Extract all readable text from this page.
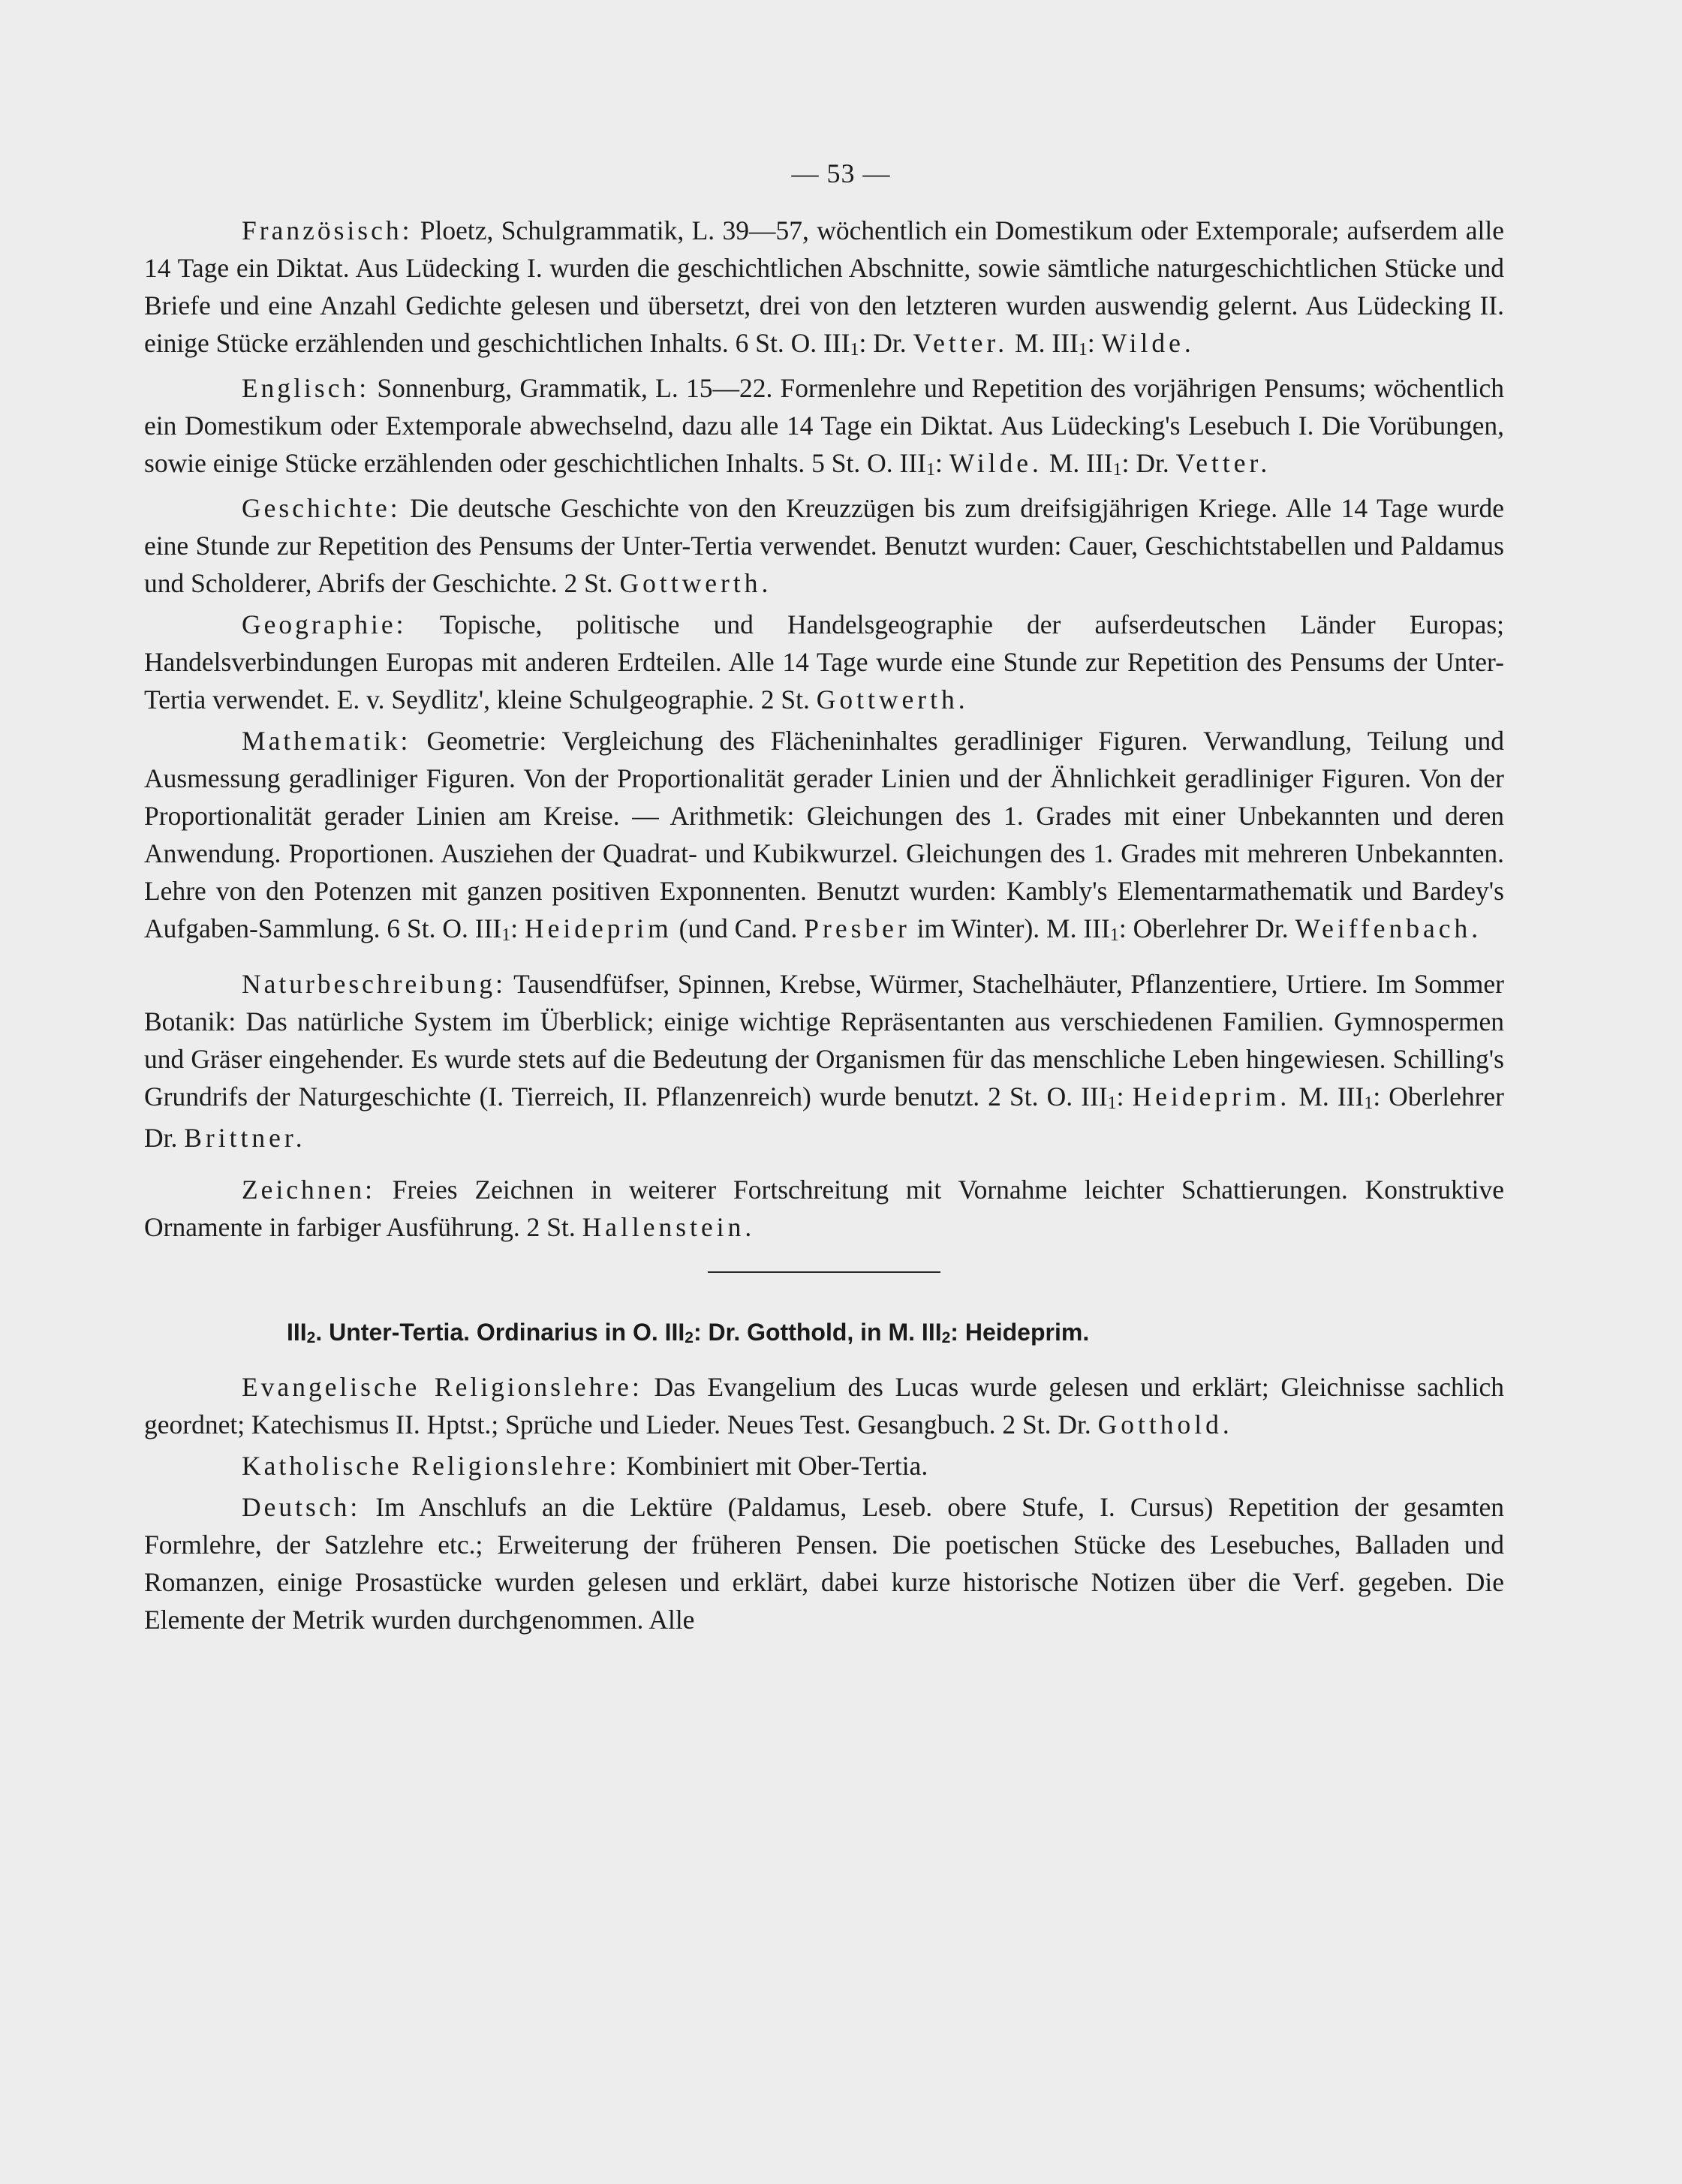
— 53 —

Französisch: Ploetz, Schulgrammatik, L. 39—57, wöchentlich ein Domestikum oder Extemporale; aufserdem alle 14 Tage ein Diktat. Aus Lüdecking I. wurden die geschichtlichen Abschnitte, sowie sämtliche naturgeschichtlichen Stücke und Briefe und eine Anzahl Gedichte gelesen und übersetzt, drei von den letzteren wurden auswendig gelernt. Aus Lüdecking II. einige Stücke erzählenden und geschichtlichen Inhalts. 6 St. O. III1: Dr. Vetter. M. III1: Wilde.

Englisch: Sonnenburg, Grammatik, L. 15—22. Formenlehre und Repetition des vorjährigen Pensums; wöchentlich ein Domestikum oder Extemporale abwechselnd, dazu alle 14 Tage ein Diktat. Aus Lüdecking's Lesebuch I. Die Vorübungen, sowie einige Stücke erzählenden oder geschichtlichen Inhalts. 5 St. O. III1: Wilde. M. III1: Dr. Vetter.

Geschichte: Die deutsche Geschichte von den Kreuzzügen bis zum dreifsigjährigen Kriege. Alle 14 Tage wurde eine Stunde zur Repetition des Pensums der Unter-Tertia verwendet. Benutzt wurden: Cauer, Geschichtstabellen und Paldamus und Scholderer, Abrifs der Geschichte. 2 St. Gottwerth.

Geographie: Topische, politische und Handelsgeographie der aufserdeutschen Länder Europas; Handelsverbindungen Europas mit anderen Erdteilen. Alle 14 Tage wurde eine Stunde zur Repetition des Pensums der Unter-Tertia verwendet. E. v. Seydlitz', kleine Schulgeographie. 2 St. Gottwerth.

Mathematik: Geometrie: Vergleichung des Flächeninhaltes geradliniger Figuren. Verwandlung, Teilung und Ausmessung geradliniger Figuren. Von der Proportionalität gerader Linien und der Ähnlichkeit geradliniger Figuren. Von der Proportionalität gerader Linien am Kreise. — Arithmetik: Gleichungen des 1. Grades mit einer Unbekannten und deren Anwendung. Proportionen. Ausziehen der Quadrat- und Kubikwurzel. Gleichungen des 1. Grades mit mehreren Unbekannten. Lehre von den Potenzen mit ganzen positiven Exponnenten. Benutzt wurden: Kambly's Elementarmathematik und Bardey's Aufgaben-Sammlung. 6 St. O. III1: Heideprim (und Cand. Presber im Winter). M. III1: Oberlehrer Dr. Weiffenbach.

Naturbeschreibung: Tausendfüfser, Spinnen, Krebse, Würmer, Stachelhäuter, Pflanzentiere, Urtiere. Im Sommer Botanik: Das natürliche System im Überblick; einige wichtige Repräsentanten aus verschiedenen Familien. Gymnospermen und Gräser eingehender. Es wurde stets auf die Bedeutung der Organismen für das menschliche Leben hingewiesen. Schilling's Grundrifs der Naturgeschichte (I. Tierreich, II. Pflanzenreich) wurde benutzt. 2 St. O. III1: Heideprim. M. III1: Oberlehrer Dr. Brittner.

Zeichnen: Freies Zeichnen in weiterer Fortschreitung mit Vornahme leichter Schattierungen. Konstruktive Ornamente in farbiger Ausführung. 2 St. Hallenstein.

III2. Unter-Tertia. Ordinarius in O. III2: Dr. Gotthold, in M. III2: Heideprim.

Evangelische Religionslehre: Das Evangelium des Lucas wurde gelesen und erklärt; Gleichnisse sachlich geordnet; Katechismus II. Hptst.; Sprüche und Lieder. Neues Test. Gesangbuch. 2 St. Dr. Gotthold.

Katholische Religionslehre: Kombiniert mit Ober-Tertia.

Deutsch: Im Anschlufs an die Lektüre (Paldamus, Leseb. obere Stufe, I. Cursus) Repetition der gesamten Formlehre, der Satzlehre etc.; Erweiterung der früheren Pensen. Die poetischen Stücke des Lesebuches, Balladen und Romanzen, einige Prosastücke wurden gelesen und erklärt, dabei kurze historische Notizen über die Verf. gegeben. Die Elemente der Metrik wurden durchgenommen. Alle
